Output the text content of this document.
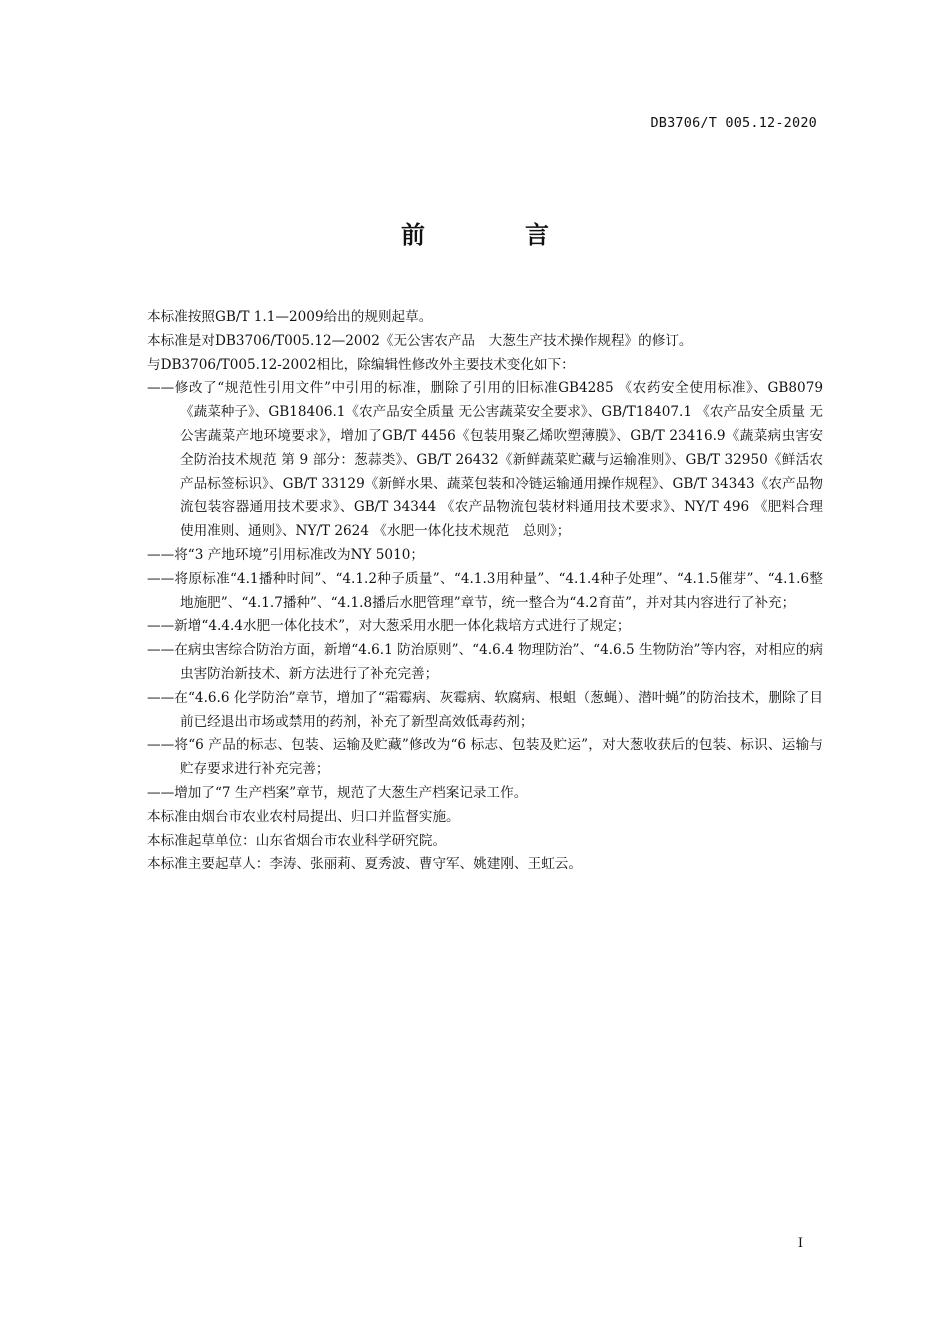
DB3706/T 005.12-2020
前　言

本标准按照GB/T 1.1—2009给出的规则起草。

本标准是对DB3706/T005.12—2002《无公害农产品　大葱生产技术操作规程》的修订。

与DB3706/T005.12-2002相比，除编辑性修改外主要技术变化如下：

——修改了“规范性引用文件”中引用的标准，删除了引用的旧标准GB4285 《农药安全使用标准》、GB8079《蔬菜种子》、GB18406.1《农产品安全质量 无公害蔬菜安全要求》、GB/T18407.1 《农产品安全质量 无公害蔬菜产地环境要求》，增加了GB/T 4456《包装用聚乙烯吹塑薄膜》、GB/T 23416.9《蔬菜病虫害安全防治技术规范 第 9 部分：葱蒜类》、GB/T 26432《新鲜蔬菜贮藏与运输准则》、GB/T 32950《鲜活农产品标签标识》、GB/T 33129《新鲜水果、蔬菜包装和冷链运输通用操作规程》、GB/T 34343《农产品物流包装容器通用技术要求》、GB/T 34344 《农产品物流包装材料通用技术要求》、NY/T 496 《肥料合理使用准则、通则》、NY/T 2624 《水肥一体化技术规范　总则》；

——将“3 产地环境”引用标准改为NY 5010；

——将原标准“4.1播种时间”、“4.1.2种子质量”、“4.1.3用种量”、“4.1.4种子处理”、“4.1.5催芽”、“4.1.6整地施肥”、“4.1.7播种”、“4.1.8播后水肥管理”章节，统一整合为“4.2育苗”，并对其内容进行了补充；

——新增“4.4.4水肥一体化技术”，对大葱采用水肥一体化栽培方式进行了规定；

——在病虫害综合防治方面，新增“4.6.1 防治原则”、“4.6.4 物理防治”、“4.6.5 生物防治”等内容，对相应的病虫害防治新技术、新方法进行了补充完善；

——在“4.6.6 化学防治”章节，增加了“霜霉病、灰霉病、软腐病、根蛆（葱蝇）、潜叶蝇”的防治技术，删除了目前已经退出市场或禁用的药剂，补充了新型高效低毒药剂；

——将“6 产品的标志、包装、运输及贮藏”修改为“6 标志、包装及贮运”，对大葱收获后的包装、标识、运输与贮存要求进行补充完善；

——增加了“7 生产档案”章节，规范了大葱生产档案记录工作。

本标准由烟台市农业农村局提出、归口并监督实施。

本标准起草单位：山东省烟台市农业科学研究院。

本标准主要起草人：李涛、张丽莉、夏秀波、曹守军、姚建刚、王虹云。

I
